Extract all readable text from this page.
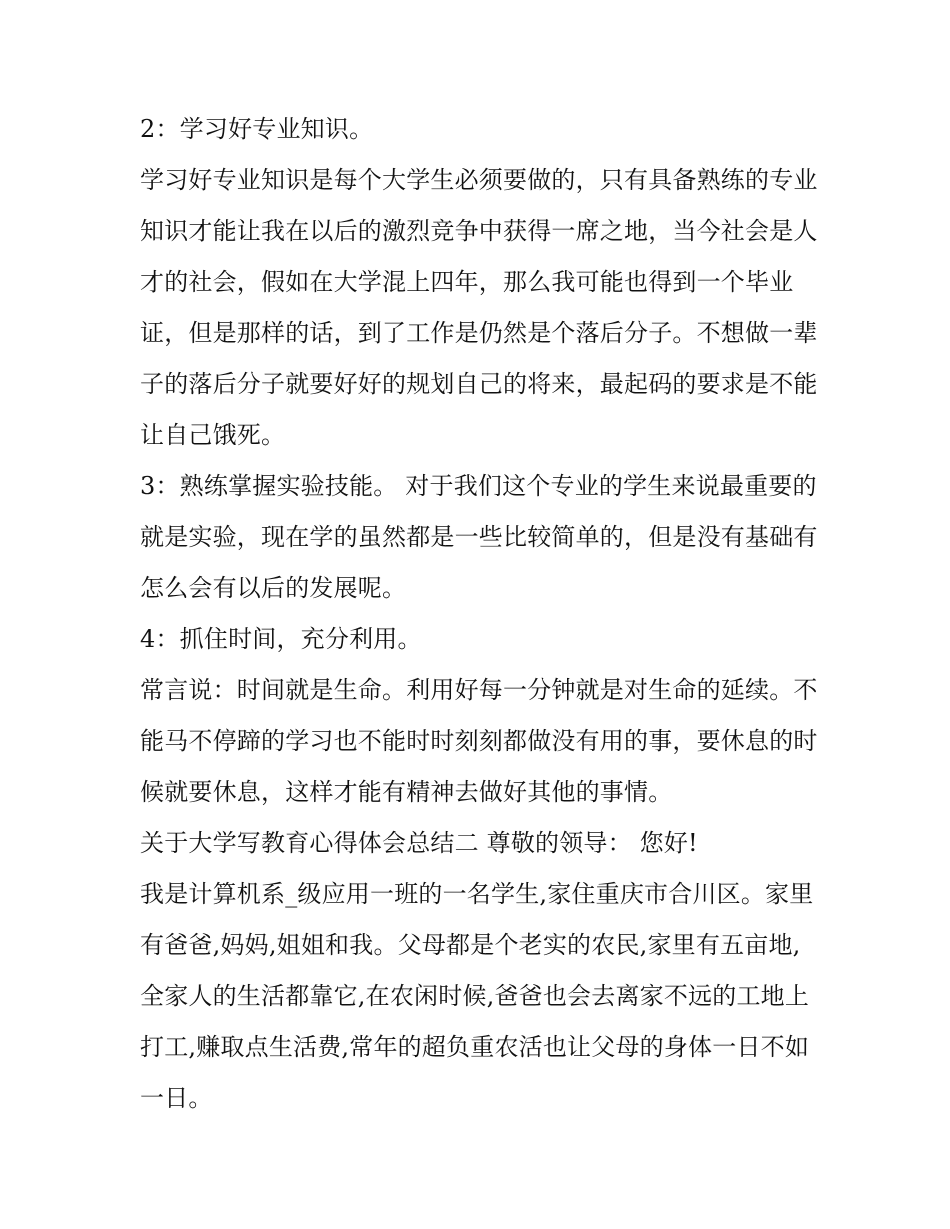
2：学习好专业知识。

学习好专业知识是每个大学生必须要做的，只有具备熟练的专业知识才能让我在以后的激烈竞争中获得一席之地，当今社会是人才的社会，假如在大学混上四年，那么我可能也得到一个毕业证，但是那样的话，到了工作是仍然是个落后分子。不想做一辈子的落后分子就要好好的规划自己的将来，最起码的要求是不能让自己饿死。

3：熟练掌握实验技能。 对于我们这个专业的学生来说最重要的就是实验，现在学的虽然都是一些比较简单的，但是没有基础有怎么会有以后的发展呢。

4：抓住时间，充分利用。

常言说：时间就是生命。利用好每一分钟就是对生命的延续。不能马不停蹄的学习也不能时时刻刻都做没有用的事，要休息的时候就要休息，这样才能有精神去做好其他的事情。

关于大学写教育心得体会总结二 尊敬的领导： 您好!

我是计算机系_级应用一班的一名学生,家住重庆市合川区。家里有爸爸,妈妈,姐姐和我。父母都是个老实的农民,家里有五亩地,全家人的生活都靠它,在农闲时候,爸爸也会去离家不远的工地上打工,赚取点生活费,常年的超负重农活也让父母的身体一日不如一日。
